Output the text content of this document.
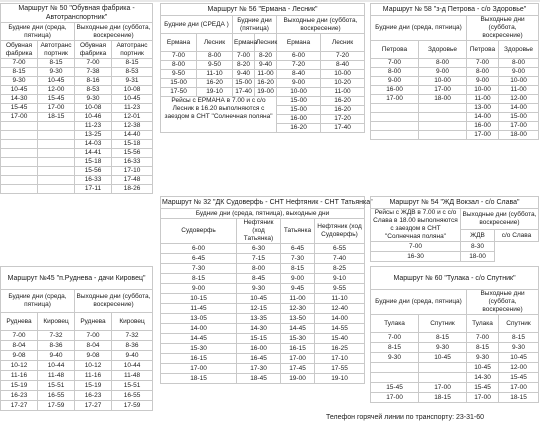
Маршрут № 50 "Обувная фабрика - Автотранспортник"			
Будние дни (среда, пятница)		Выходные дни (суббота, воскресение)	
Обувная фабрика	Автотранс портник	Обувная фабрика	Автотранс портник
7-00	8-15	7-00	8-15
8-15	9-30	7-38	8-53
9-30	10-45	8-16	9-31
10-45	12-00	8-53	10-08
14-30	15-45	9-30	10-45
15-45	17-00	10-08	11-23
17-00	18-15	10-46	12-01
		11-23	12-38
		13-25	14-40
		14-03	15-18
		14-41	15-56
		15-18	16-33
		15-56	17-10
		16-33	17-48
		17-11	18-26
Маршрут № 56 "Ермана - Лесник"					
Будние дни (СРЕДА )		Будние дни (пятница)		Выходные дни (суббота, воскресение)	
Ермана	Лесник	Ермана	Лесник	Ермана	Лесник
7-00	8-00	7-00	8-20	6-00	7-20
8-00	9-50	8-20	9-40	7-20	8-40
9-50	11-10	9-40	11-00	8-40	10-00
15-00	16-20	15-00	16-20	9-00	10-20
17-50	19-10	17-40	19-00	10-00	11-00
Рейсы с ЕРМАНА в 7.00 и с с/о Лесник в 16.20 выполняются с заездом в СНТ "Солнечная поляна"				15-00	16-20
				15-00	16-20
				16-00	17-20
				16-20	17-40
Маршрут № 58 "з-д Петрова - с/о Здоровье"			
Будние дни (среда, пятница)		Выходные дни (суббота, воскресение)	
Петрова	Здоровье	Петрова	Здоровье
7-00	8-00	7-00	8-00
8-00	9-00	8-00	9-00
9-00	10-00	9-00	10-00
16-00	17-00	10-00	11-00
17-00	18-00	11-00	12-00
		13-00	14-00
		14-00	15-00
		16-00	17-00
		17-00	18-00
Маршрут № 32 "ДК Судоверфь - СНТ Нефтяник - СНТ Татьянка"			
Будние дни (среда, пятница), выходные дни			
Судоверфь	Нефтяник (ход Татьянка)	Татьянка	Нефтяник (ход Судоверфь)
6-00	6-30	6-45	6-55
6-45	7-15	7-30	7-40
7-30	8-00	8-15	8-25
8-15	8-45	9-00	9-10
9-00	9-30	9-45	9-55
10-15	10-45	11-00	11-10
11-45	12-15	12-30	12-40
13-05	13-35	13-50	14-00
14-00	14-30	14-45	14-55
14-45	15-15	15-30	15-40
15-30	16-00	16-15	16-25
16-15	16-45	17-00	17-10
17-00	17-30	17-45	17-55
18-15	18-45	19-00	19-10
Маршрут № 54 "ЖД Вокзал - с/о Слава"		
Рейсы с ЖДВ в 7.00 и с с/о Слава в 18.00 выполняются с заездом в СНТ "Солнечная поляна"	Выходные дни (суббота, воскресение)	
	ЖДВ	с/о Слава
7-00	8-30	
16-30	18-00	
Маршрут №45 "п.Руднева - дачи Кировец"			
Будние дни (среда, пятница)		Выходные дни (суббота, воскресение)	
Руднева	Кировец	Руднева	Кировец
7-00	7-32	7-00	7-32
8-04	8-36	8-04	8-36
9-08	9-40	9-08	9-40
10-12	10-44	10-12	10-44
11-16	11-48	11-16	11-48
15-19	15-51	15-19	15-51
16-23	16-55	16-23	16-55
17-27	17-59	17-27	17-59
Маршрут № 60 "Тулака - с/о Спутник"			
Будние дни (среда, пятница)		Выходные дни (суббота, воскресение)	
Тулака	Спутник	Тулака	Спутник
7-00	8-15	7-00	8-15
8-15	9-30	8-15	9-30
9-30	10-45	9-30	10-45
		10-45	12-00
		14-30	15-45
15-45	17-00	15-45	17-00
17-00	18-15	17-00	18-15
Телефон горячей линии по транспорту: 23-31-60
